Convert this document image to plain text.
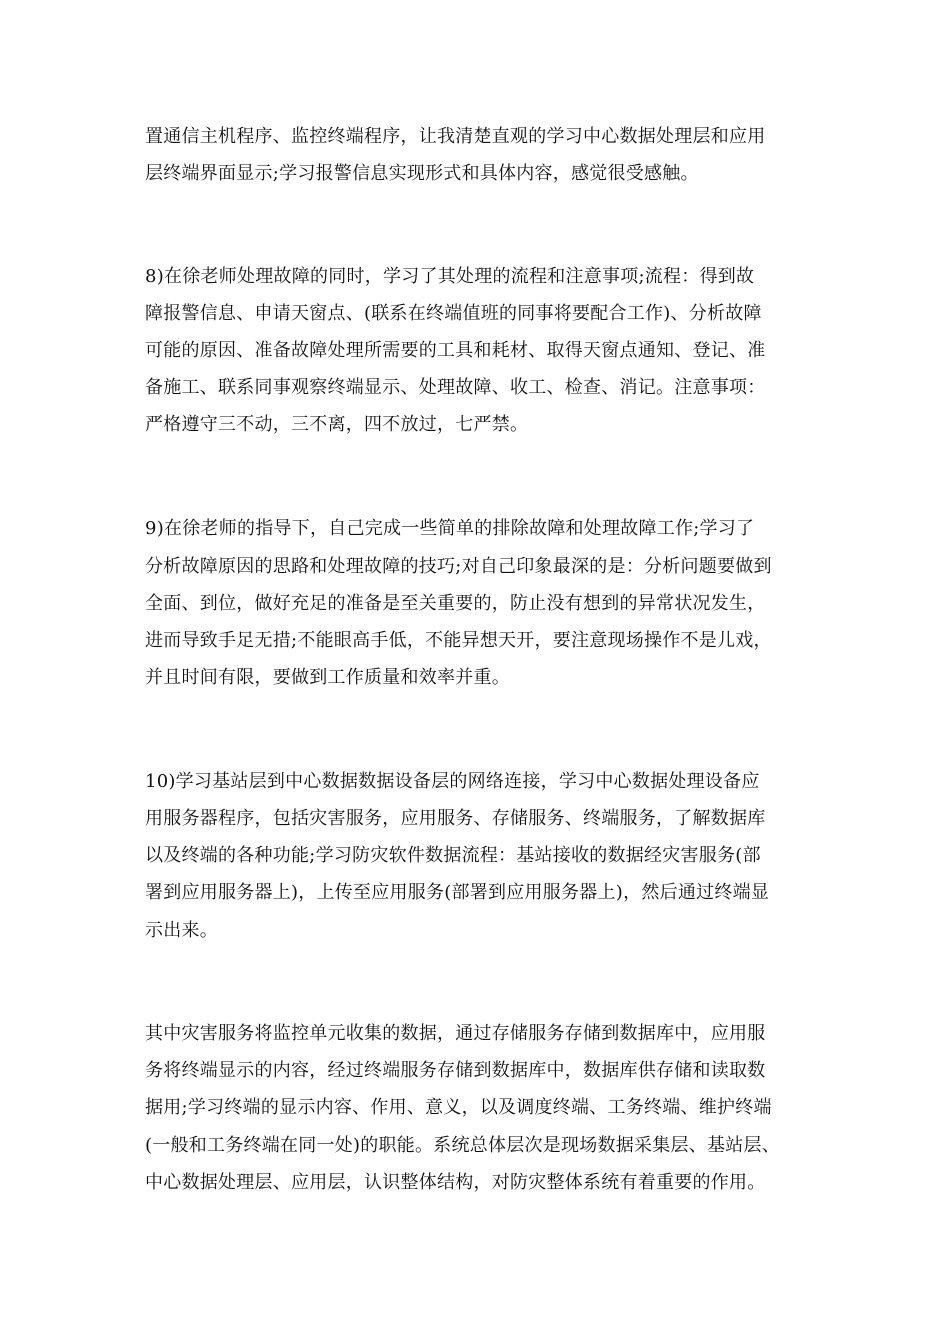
置通信主机程序、监控终端程序，让我清楚直观的学习中心数据处理层和应用
层终端界面显示;学习报警信息实现形式和具体内容，感觉很受感触。
8)在徐老师处理故障的同时，学习了其处理的流程和注意事项;流程：得到故
障报警信息、申请天窗点、(联系在终端值班的同事将要配合工作)、分析故障
可能的原因、准备故障处理所需要的工具和耗材、取得天窗点通知、登记、准
备施工、联系同事观察终端显示、处理故障、收工、检查、消记。注意事项：
严格遵守三不动，三不离，四不放过，七严禁。
9)在徐老师的指导下，自己完成一些简单的排除故障和处理故障工作;学习了
分析故障原因的思路和处理故障的技巧;对自己印象最深的是：分析问题要做到
全面、到位，做好充足的准备是至关重要的，防止没有想到的异常状况发生，
进而导致手足无措;不能眼高手低，不能异想天开，要注意现场操作不是儿戏，
并且时间有限，要做到工作质量和效率并重。
10)学习基站层到中心数据数据设备层的网络连接，学习中心数据处理设备应
用服务器程序，包括灾害服务，应用服务、存储服务、终端服务，了解数据库
以及终端的各种功能;学习防灾软件数据流程：基站接收的数据经灾害服务(部
署到应用服务器上)，上传至应用服务(部署到应用服务器上)，然后通过终端显
示出来。
其中灾害服务将监控单元收集的数据，通过存储服务存储到数据库中，应用服
务将终端显示的内容，经过终端服务存储到数据库中，数据库供存储和读取数
据用;学习终端的显示内容、作用、意义，以及调度终端、工务终端、维护终端
(一般和工务终端在同一处)的职能。系统总体层次是现场数据采集层、基站层、
中心数据处理层、应用层，认识整体结构，对防灾整体系统有着重要的作用。
